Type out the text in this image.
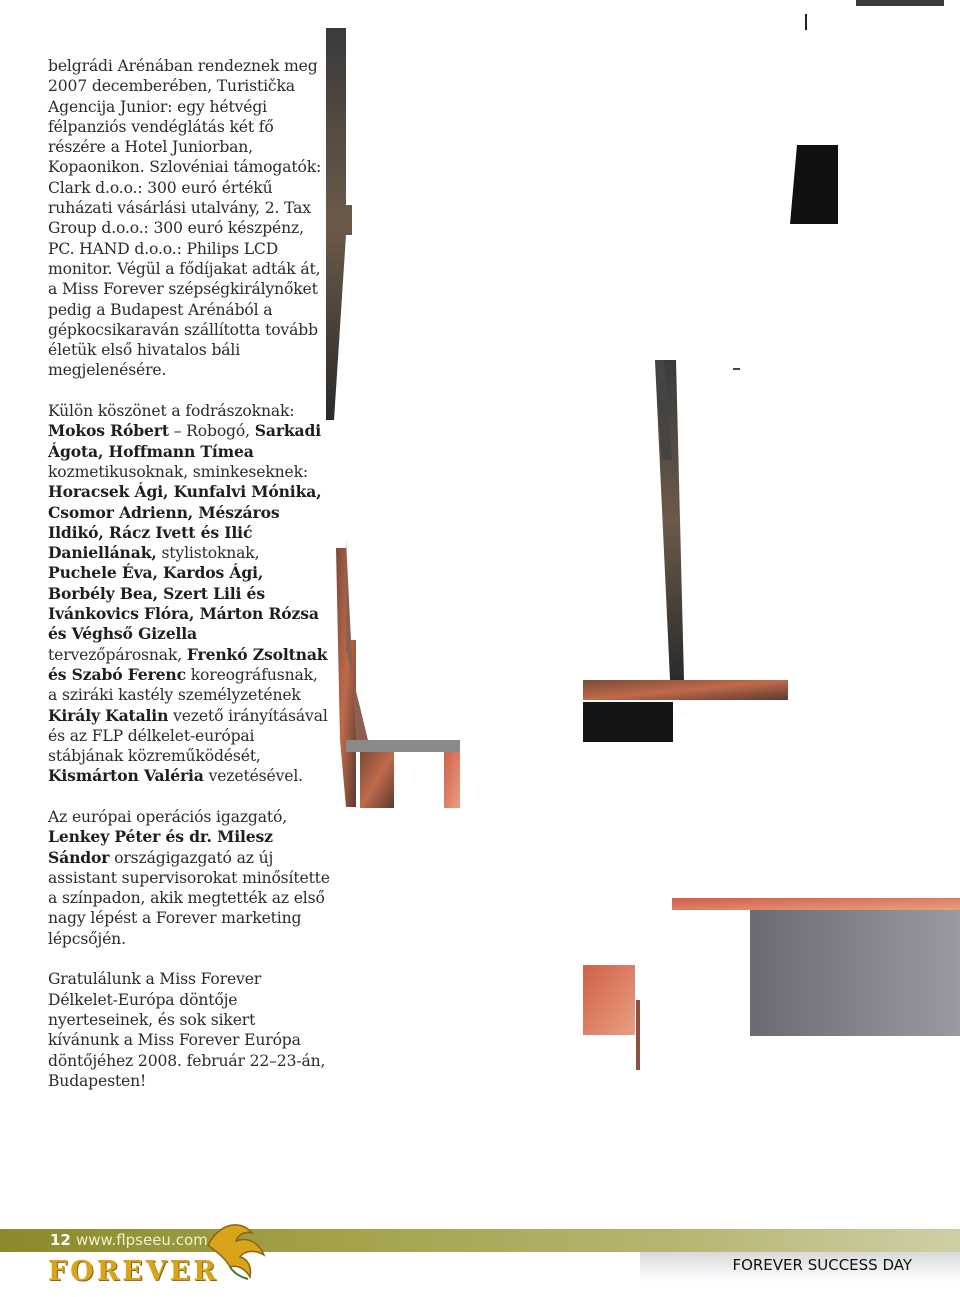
belgrádi Arénában rendeznek meg 2007 decemberében, Turistička Agencija Junior: egy hétvégi félpanziós vendéglátás két fő részére a Hotel Juniorban, Kopaonikon. Szlovéniai támogatók: Clark d.o.o.: 300 euró értékű ruházati vásárlási utalvány, 2. Tax Group d.o.o.: 300 euró készpénz, PC. HAND d.o.o.: Philips LCD monitor. Végül a fődíjakat adták át, a Miss Forever szépségkirálynőket pedig a Budapest Arénából a gépkocsikaraván szállította tovább életük első hivatalos báli megjelenésére.

Külön köszönet a fodrászoknak: Mokos Róbert – Robogó, Sarkadi Ágota, Hoffmann Tímea kozmetikusoknak, sminkeseknek: Horacsek Ági, Kunfalvi Mónika, Csomor Adrienn, Mészáros Ildikó, Rácz Ivett és Ilić Daniellának, stylistoknak, Puchele Éva, Kardos Ági, Borbély Bea, Szert Lili és Ivánkovics Flóra, Márton Rózsa és Véghső Gizella tervezőpárosnak, Frenkó Zsoltnak és Szabó Ferenc koreográfusnak, a sziráki kastély személyzetének Király Katalin vezető irányításával és az FLP délkelet-európai stábjának közreműködését, Kismárton Valéria vezetésével.

Az európai operációs igazgató, Lenkey Péter és dr. Milesz Sándor országigazgató az új assistant supervisorokat minősítette a színpadon, akik megtették az első nagy lépést a Forever marketing lépcsőjén.

Gratulálunk a Miss Forever Délkelet-Európa döntője nyerteseinek, és sok sikert kívánunk a Miss Forever Európa döntőjéhez 2008. február 22–23-án, Budapesten!

12 www.flpseeu.com
FOREVER	FOREVER SUCCESS DAY
